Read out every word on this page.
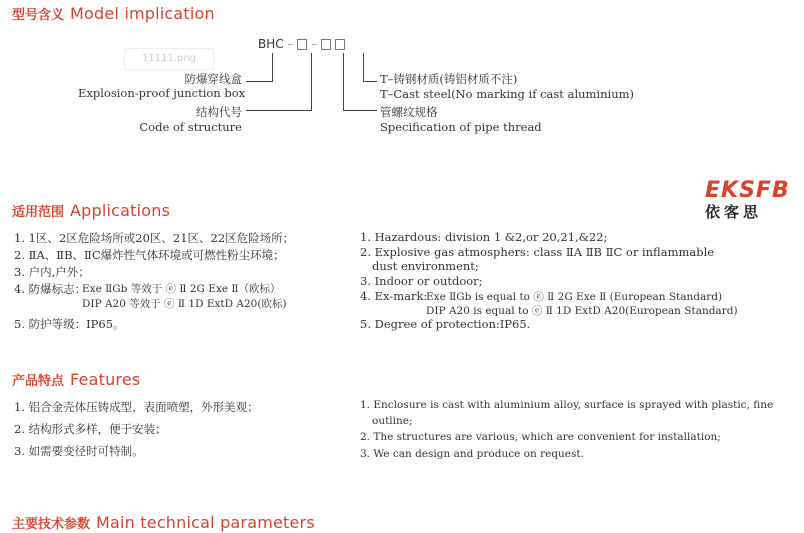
型号含义 Model implication
11111.png
BHC – –
防爆穿线盒
Explosion-proof junction box
结构代号
Code of structure
T–铸钢材质(铸铝材质不注)
T–Cast steel(No marking if cast aluminium)
管螺纹规格
Specification of pipe thread
EKSFB
依客思
适用范围 Applications
1. 1区、2区危险场所或20区、21区、22区危险场所；
2. ⅡA、ⅡB、ⅡC爆炸性气体环境或可燃性粉尘环境；
3. 户内,户外；
4. 防爆标志：
Exe ⅡGb 等效于 ⓔ Ⅱ 2G Exe Ⅱ（欧标）
DIP A20 等效于 ⓔ Ⅱ 1D ExtD A20(欧标)
5. 防护等级：IP65。
1. Hazardous: division 1 &2,or 20,21,&22;
2. Explosive gas atmosphers: class ⅡA ⅡB ⅡC or inflammable
dust environment;
3. Indoor or outdoor;
4. Ex-mark:
Exe ⅡGb is equal to ⓔ Ⅱ 2G Exe Ⅱ (European Standard)
DIP A20 is equal to ⓔ Ⅱ 1D ExtD A20(European Standard)
5. Degree of protection:IP65.
产品特点 Features
1. 铝合金壳体压铸成型，表面喷塑，外形美观；
2. 结构形式多样，便于安装；
3. 如需要变径时可特制。
1. Enclosure is cast with aluminium alloy, surface is sprayed with plastic, fine
outline;
2. The structures are various, which are convenient for installation;
3. We can design and produce on request.
主要技术参数 Main technical parameters
